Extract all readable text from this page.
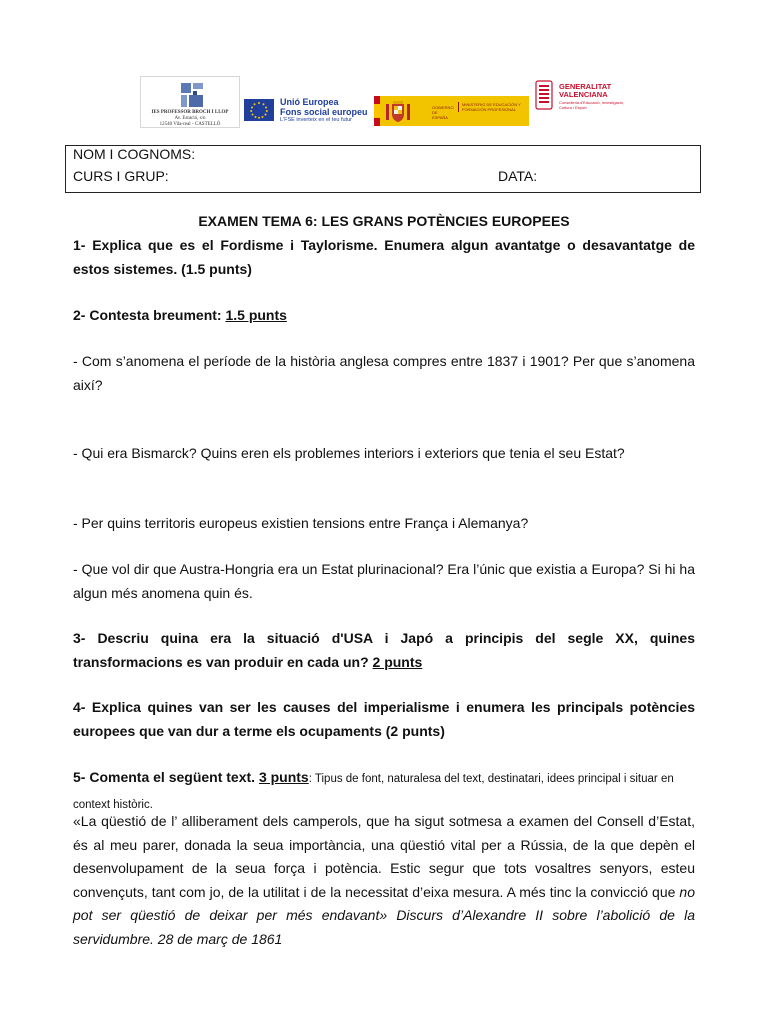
IES PROFESSOR BROCH I LLOP
Av. Estació, s/n
12540 Vila-real - CASTELLÓ
Unió Europea
Fons social europeu
L'FSE inverteix en el teu futur
GOBIERNO DE ESPAÑA
MINISTERIO DE EDUCACIÓN Y FORMACIÓN PROFESIONAL
GENERALITAT
VALENCIANA
Conselleria d'Educació, Investigació, Cultura i Esport
NOM I COGNOMS:
CURS I GRUP:	DATA:
EXAMEN TEMA 6: LES GRANS POTÈNCIES EUROPEES
1- Explica que es el Fordisme i Taylorisme. Enumera algun avantatge o desavantatge de estos sistemes. (1.5 punts)
2- Contesta breument: 1.5 punts
- Com s’anomena el període de la història anglesa compres entre 1837 i 1901? Per que s’anomena així?
- Qui era Bismarck? Quins eren els problemes interiors i exteriors que tenia el seu Estat?
- Per quins territoris europeus existien tensions entre França i Alemanya?
- Que vol dir que Austra-Hongria era un Estat plurinacional? Era l’únic que existia a Europa? Si hi ha algun més anomena quin és.
3- Descriu quina era la situació d'USA i Japó a principis del segle XX, quines transformacions es van produir en cada un? 2 punts
4- Explica quines van ser les causes del imperialisme i enumera les principals potències europees que van dur a terme els ocupaments (2 punts)
5- Comenta el següent text. 3 punts: Tipus de font, naturalesa del text, destinatari, idees principal i situar en context històric.
«La qüestió de l’ alliberament dels camperols, que ha sigut sotmesa a examen del Consell d’Estat, és al meu parer, donada la seua importància, una qüestió vital per a Rússia, de la que depèn el desenvolupament de la seua força i potència. Estic segur que tots vosaltres senyors, esteu convençuts, tant com jo, de la utilitat i de la necessitat d’eixa mesura. A més tinc la convicció que no pot ser qüestió de deixar per més endavant» Discurs d’Alexandre II sobre l’abolició de la servidumbre. 28 de març de 1861
